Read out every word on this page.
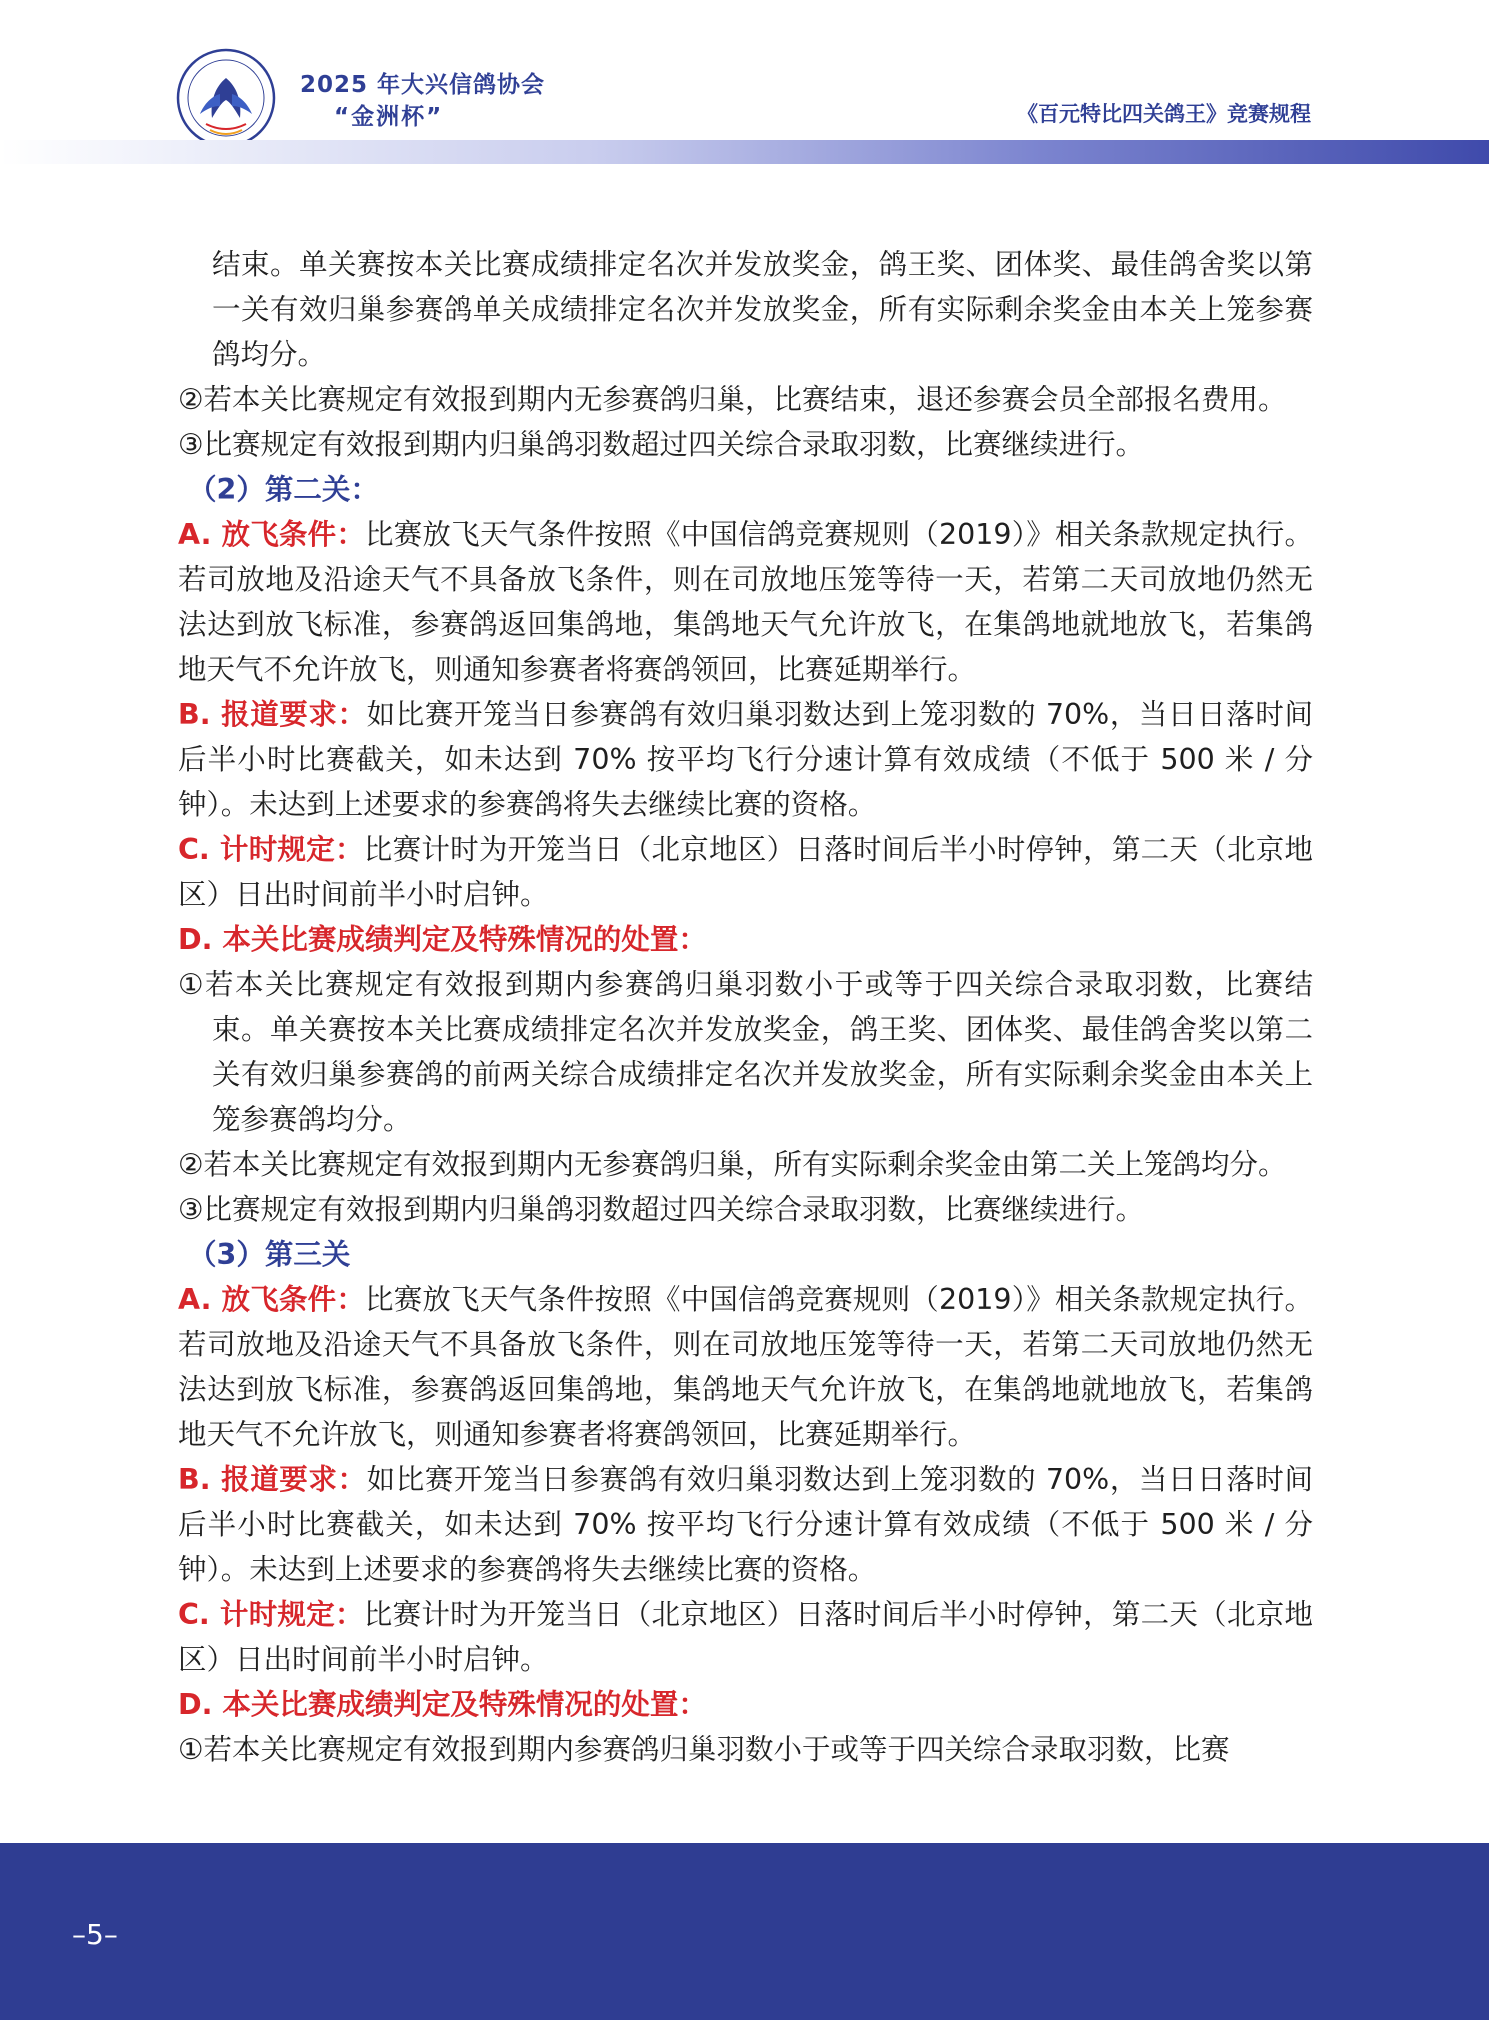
2025 年大兴信鸽协会
“金洲杯”	《百元特比四关鸽王》竞赛规程

结束。单关赛按本关比赛成绩排定名次并发放奖金，鸽王奖、团体奖、最佳鸽舍奖以第一关有效归巢参赛鸽单关成绩排定名次并发放奖金，所有实际剩余奖金由本关上笼参赛鸽均分。

②若本关比赛规定有效报到期内无参赛鸽归巢，比赛结束，退还参赛会员全部报名费用。

③比赛规定有效报到期内归巢鸽羽数超过四关综合录取羽数，比赛继续进行。

（2）第二关：

A. 放飞条件：比赛放飞天气条件按照《中国信鸽竞赛规则（2019）》相关条款规定执行。若司放地及沿途天气不具备放飞条件，则在司放地压笼等待一天，若第二天司放地仍然无法达到放飞标准，参赛鸽返回集鸽地，集鸽地天气允许放飞，在集鸽地就地放飞，若集鸽地天气不允许放飞，则通知参赛者将赛鸽领回，比赛延期举行。

B. 报道要求：如比赛开笼当日参赛鸽有效归巢羽数达到上笼羽数的 70%，当日日落时间后半小时比赛截关，如未达到 70% 按平均飞行分速计算有效成绩（不低于 500 米 / 分钟）。未达到上述要求的参赛鸽将失去继续比赛的资格。

C. 计时规定：比赛计时为开笼当日（北京地区）日落时间后半小时停钟，第二天（北京地区）日出时间前半小时启钟。

D. 本关比赛成绩判定及特殊情况的处置：

①若本关比赛规定有效报到期内参赛鸽归巢羽数小于或等于四关综合录取羽数，比赛结束。单关赛按本关比赛成绩排定名次并发放奖金，鸽王奖、团体奖、最佳鸽舍奖以第二关有效归巢参赛鸽的前两关综合成绩排定名次并发放奖金，所有实际剩余奖金由本关上笼参赛鸽均分。

②若本关比赛规定有效报到期内无参赛鸽归巢，所有实际剩余奖金由第二关上笼鸽均分。

③比赛规定有效报到期内归巢鸽羽数超过四关综合录取羽数，比赛继续进行。

（3）第三关

A. 放飞条件：比赛放飞天气条件按照《中国信鸽竞赛规则（2019）》相关条款规定执行。若司放地及沿途天气不具备放飞条件，则在司放地压笼等待一天，若第二天司放地仍然无法达到放飞标准，参赛鸽返回集鸽地，集鸽地天气允许放飞，在集鸽地就地放飞，若集鸽地天气不允许放飞，则通知参赛者将赛鸽领回，比赛延期举行。

B. 报道要求：如比赛开笼当日参赛鸽有效归巢羽数达到上笼羽数的 70%，当日日落时间后半小时比赛截关，如未达到 70% 按平均飞行分速计算有效成绩（不低于 500 米 / 分钟）。未达到上述要求的参赛鸽将失去继续比赛的资格。

C. 计时规定：比赛计时为开笼当日（北京地区）日落时间后半小时停钟，第二天（北京地区）日出时间前半小时启钟。

D. 本关比赛成绩判定及特殊情况的处置：

①若本关比赛规定有效报到期内参赛鸽归巢羽数小于或等于四关综合录取羽数，比赛

–5–
